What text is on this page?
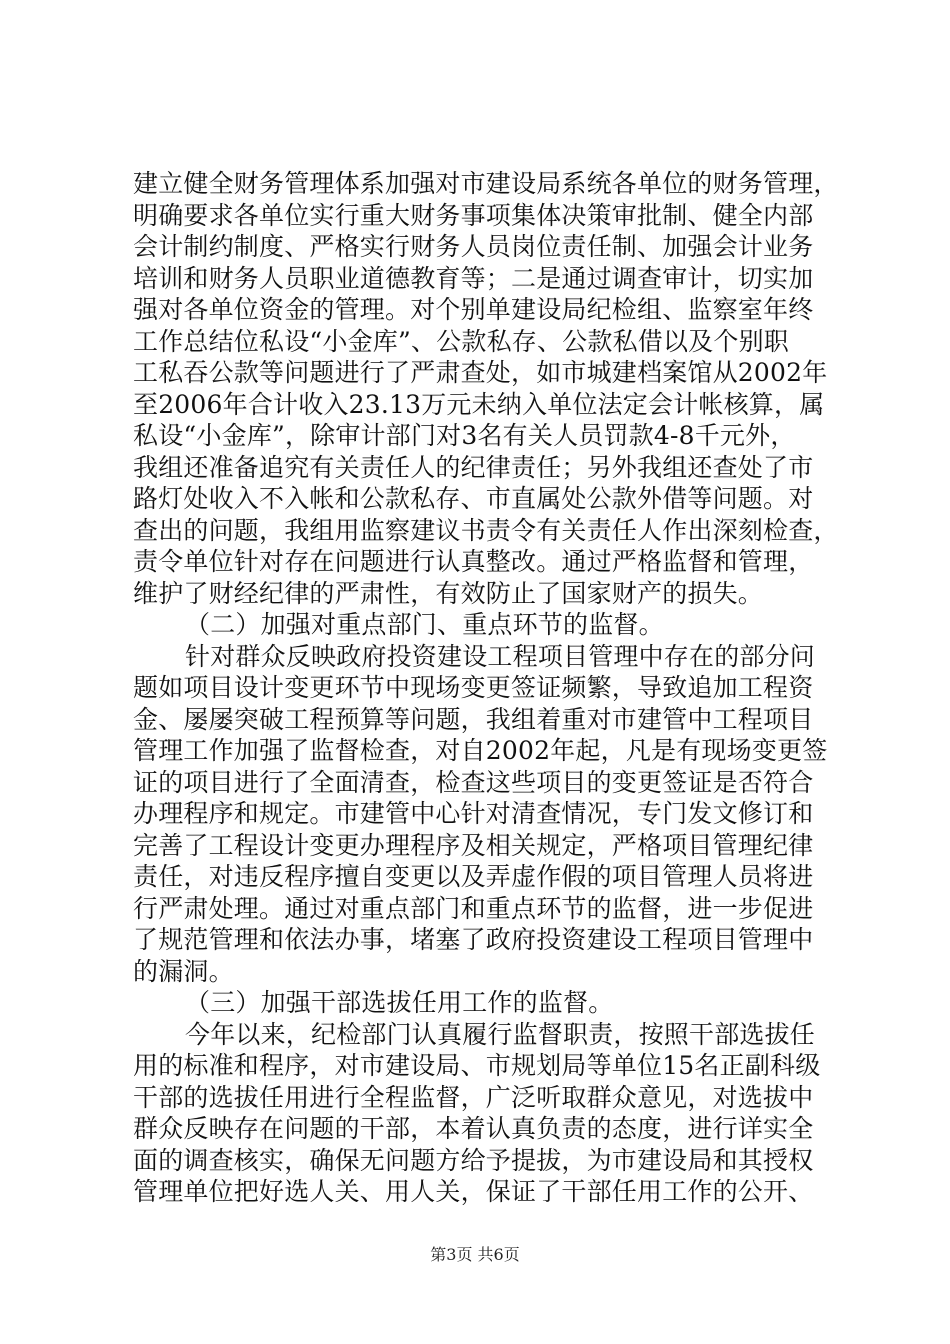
建立健全财务管理体系加强对市建设局系统各单位的财务管理，
明确要求各单位实行重大财务事项集体决策审批制、健全内部
会计制约制度、严格实行财务人员岗位责任制、加强会计业务
培训和财务人员职业道德教育等；二是通过调查审计，切实加
强对各单位资金的管理。对个别单建设局纪检组、监察室年终
工作总结位私设“小金库”、公款私存、公款私借以及个别职
工私吞公款等问题进行了严肃查处，如市城建档案馆从2002年
至2006年合计收入23.13万元未纳入单位法定会计帐核算，属
私设“小金库”，除审计部门对3名有关人员罚款4-8千元外，
我组还准备追究有关责任人的纪律责任；另外我组还查处了市
路灯处收入不入帐和公款私存、市直属处公款外借等问题。对
查出的问题，我组用监察建议书责令有关责任人作出深刻检查，
责令单位针对存在问题进行认真整改。通过严格监督和管理，
维护了财经纪律的严肃性，有效防止了国家财产的损失。
（二）加强对重点部门、重点环节的监督。
针对群众反映政府投资建设工程项目管理中存在的部分问
题如项目设计变更环节中现场变更签证频繁，导致追加工程资
金、屡屡突破工程预算等问题，我组着重对市建管中工程项目
管理工作加强了监督检查，对自2002年起，凡是有现场变更签
证的项目进行了全面清查，检查这些项目的变更签证是否符合
办理程序和规定。市建管中心针对清查情况，专门发文修订和
完善了工程设计变更办理程序及相关规定，严格项目管理纪律
责任，对违反程序擅自变更以及弄虚作假的项目管理人员将进
行严肃处理。通过对重点部门和重点环节的监督，进一步促进
了规范管理和依法办事，堵塞了政府投资建设工程项目管理中
的漏洞。
（三）加强干部选拔任用工作的监督。
今年以来，纪检部门认真履行监督职责，按照干部选拔任
用的标准和程序，对市建设局、市规划局等单位15名正副科级
干部的选拔任用进行全程监督，广泛听取群众意见，对选拔中
群众反映存在问题的干部，本着认真负责的态度，进行详实全
面的调查核实，确保无问题方给予提拔，为市建设局和其授权
管理单位把好选人关、用人关，保证了干部任用工作的公开、
第3页 共6页
